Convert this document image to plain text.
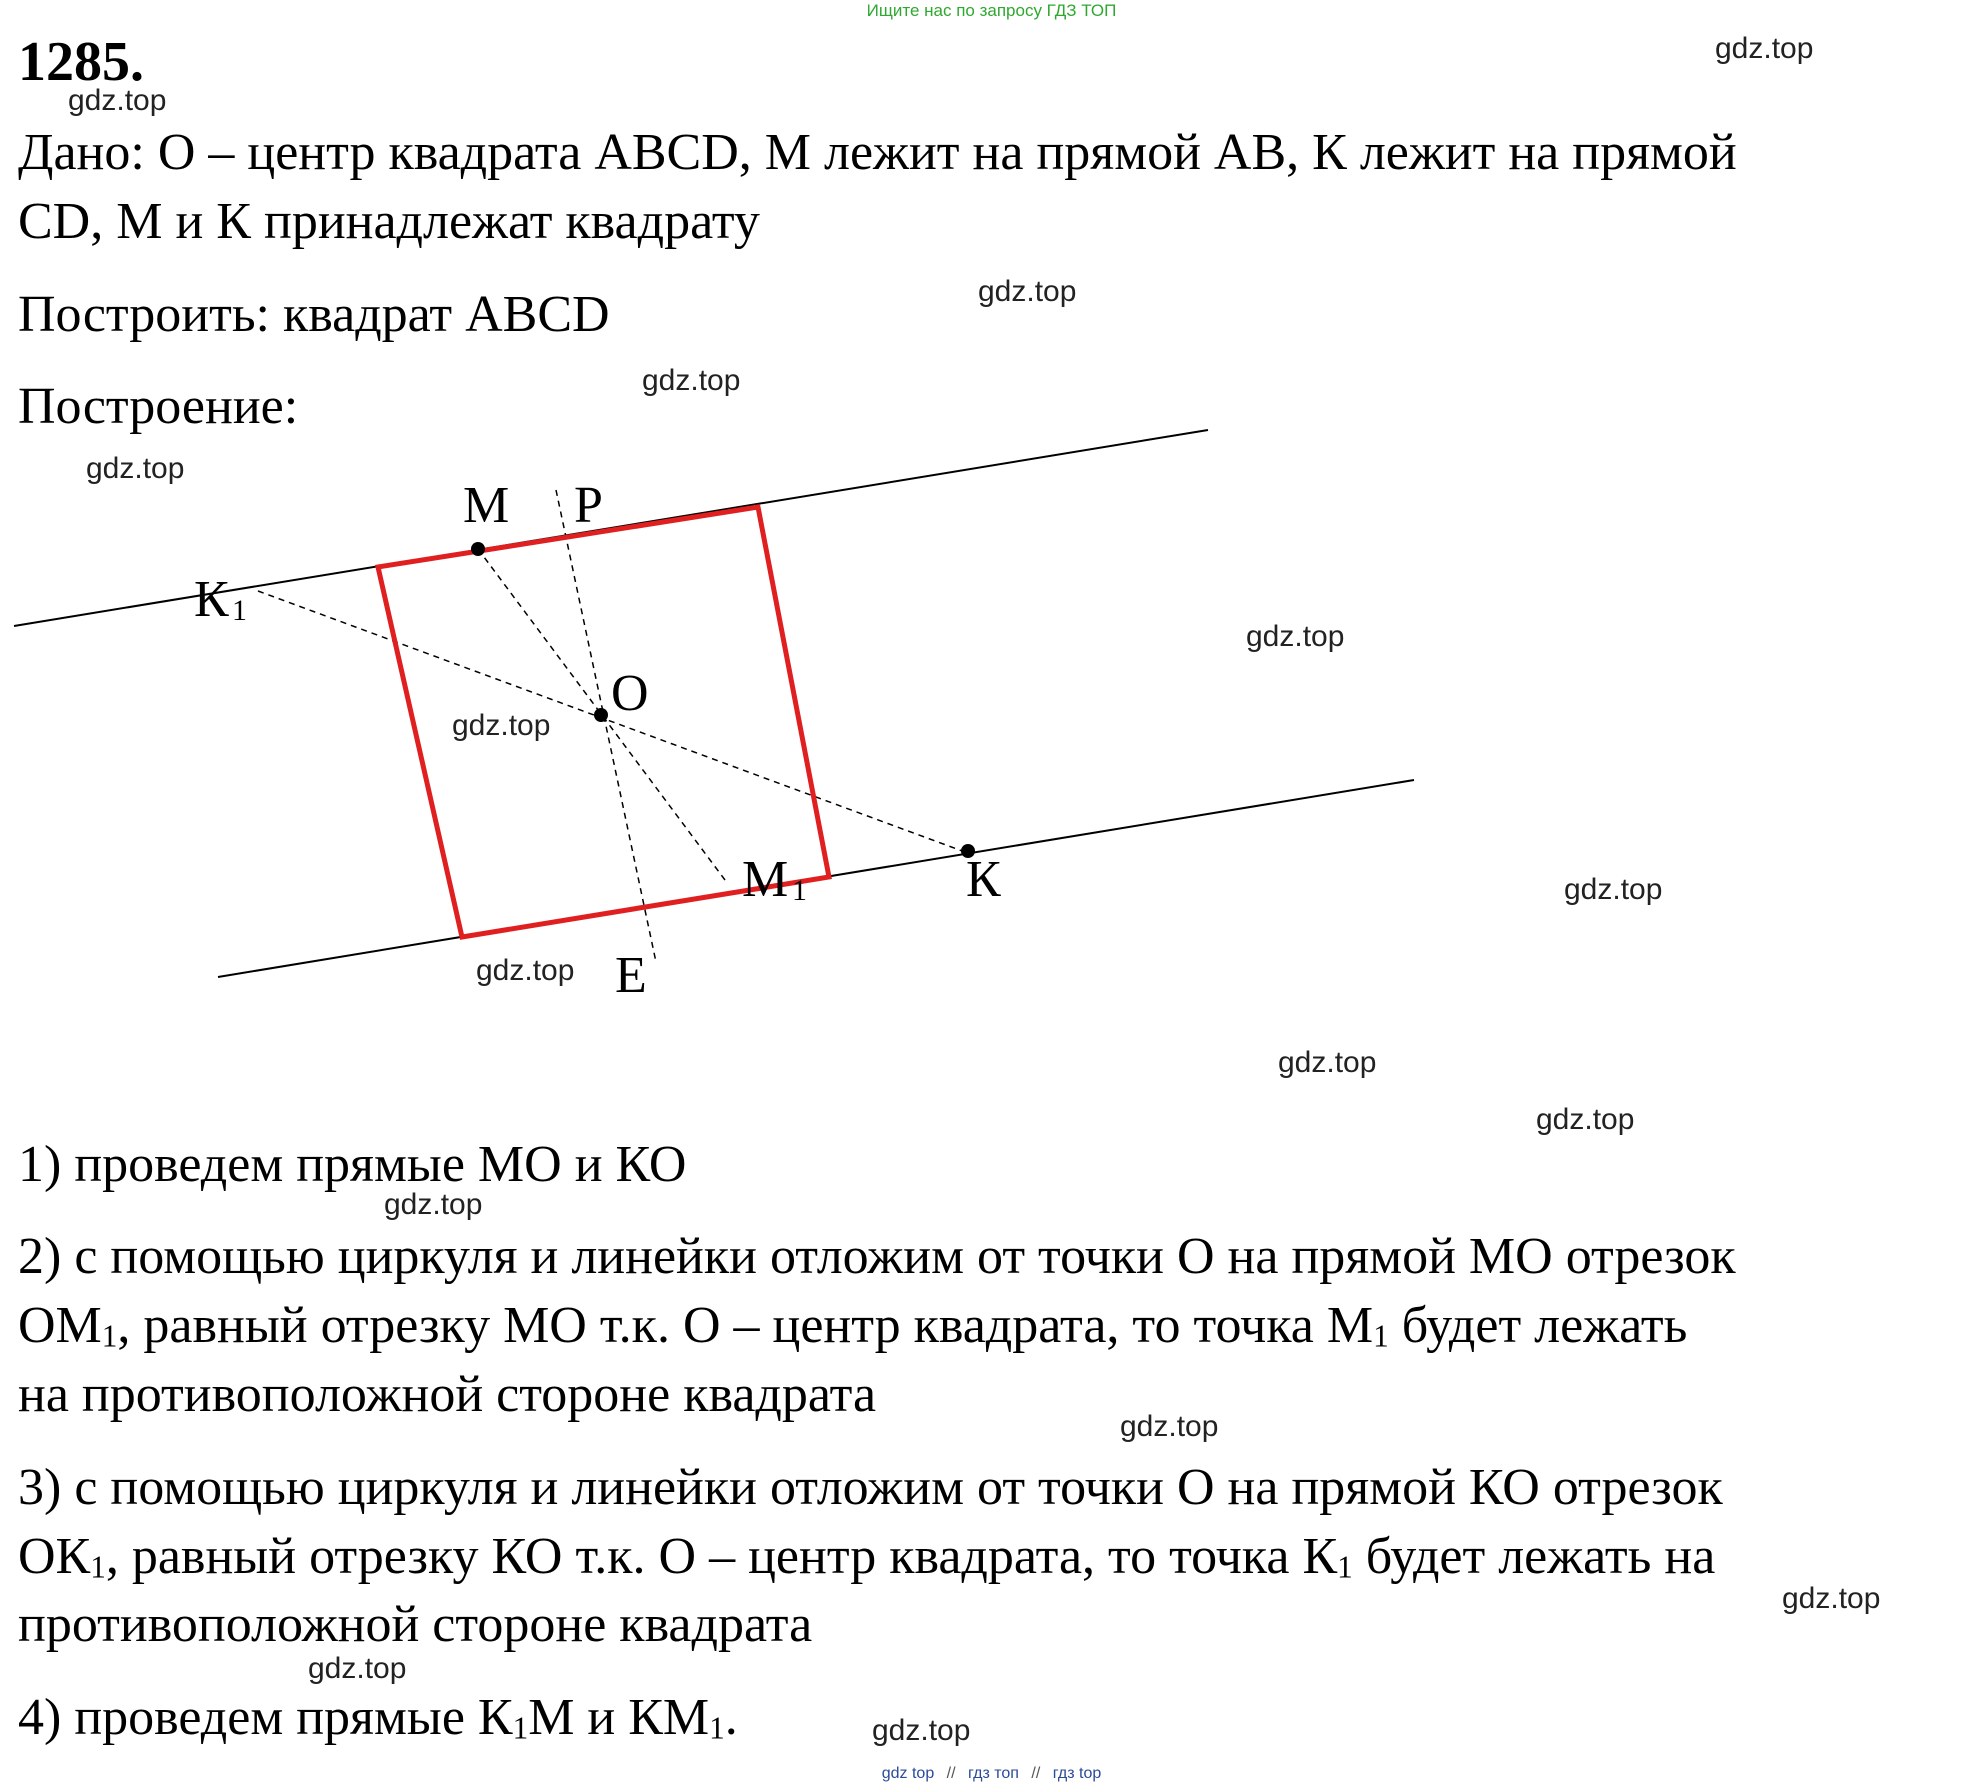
Ищите нас по запросу ГДЗ ТОП
1285.
Дано: О – центр квадрата ABCD, М лежит на прямой АВ, К лежит на прямой
CD, М и К принадлежат квадрату
Построить: квадрат ABCD
Построение:
М P
К 1
О
М 1	К
Е
1) проведем прямые МО и КО
2) с помощью циркуля и линейки отложим от точки О на прямой МО отрезок
$ОМ_1$, равный отрезку МО т.к. О – центр квадрата, то точка $М_1$ будет лежать
на противоположной стороне квадрата
3) с помощью циркуля и линейки отложим от точки О на прямой КО отрезок
$ОК_1$, равный отрезку КО т.к. О – центр квадрата, то точка $К_1$ будет лежать на
противоположной стороне квадрата
4) проведем прямые $К_1М$ и $КМ_1$.
gdz.top
gdz.top
gdz.top
gdz.top
gdz.top
gdz.top
gdz.top
gdz.top
gdz.top
gdz.top
gdz.top
gdz.top
gdz.top
gdz.top
gdz.top
gdz.top
gdz top // гдз топ // гдз top
